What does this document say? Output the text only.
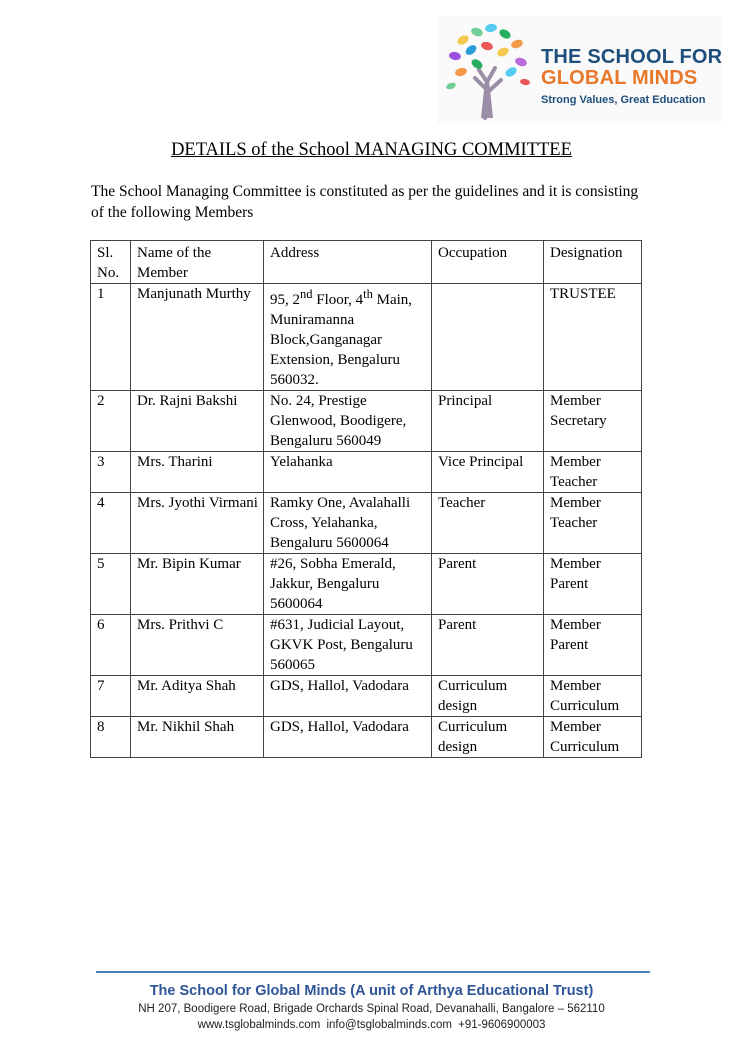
THE SCHOOL FOR
GLOBAL MINDS
Strong Values, Great Education
DETAILS of the School MANAGING COMMITTEE
The School Managing Committee is constituted as per the guidelines and it is consisting of the following Members
Sl. No.	Name of the Member	Address	Occupation	Designation
1	Manjunath Murthy	95, 2nd Floor, 4th Main, Muniramanna Block,Ganganagar Extension, Bengaluru 560032.		TRUSTEE
2	Dr. Rajni Bakshi	No. 24, Prestige Glenwood, Boodigere, Bengaluru 560049	Principal	Member Secretary
3	Mrs. Tharini	Yelahanka	Vice Principal	Member Teacher
4	Mrs. Jyothi Virmani	Ramky One, Avalahalli Cross, Yelahanka, Bengaluru 5600064	Teacher	Member Teacher
5	Mr. Bipin Kumar	#26, Sobha Emerald, Jakkur, Bengaluru 5600064	Parent	Member Parent
6	Mrs. Prithvi C	#631, Judicial Layout, GKVK Post, Bengaluru 560065	Parent	Member Parent
7	Mr. Aditya Shah	GDS, Hallol, Vadodara	Curriculum design	Member Curriculum
8	Mr. Nikhil Shah	GDS, Hallol, Vadodara	Curriculum design	Member Curriculum
The School for Global Minds (A unit of Arthya Educational Trust)
NH 207, Boodigere Road, Brigade Orchards Spinal Road, Devanahalli, Bangalore – 562110
www.tsglobalminds.com info@tsglobalminds.com +91-9606900003
